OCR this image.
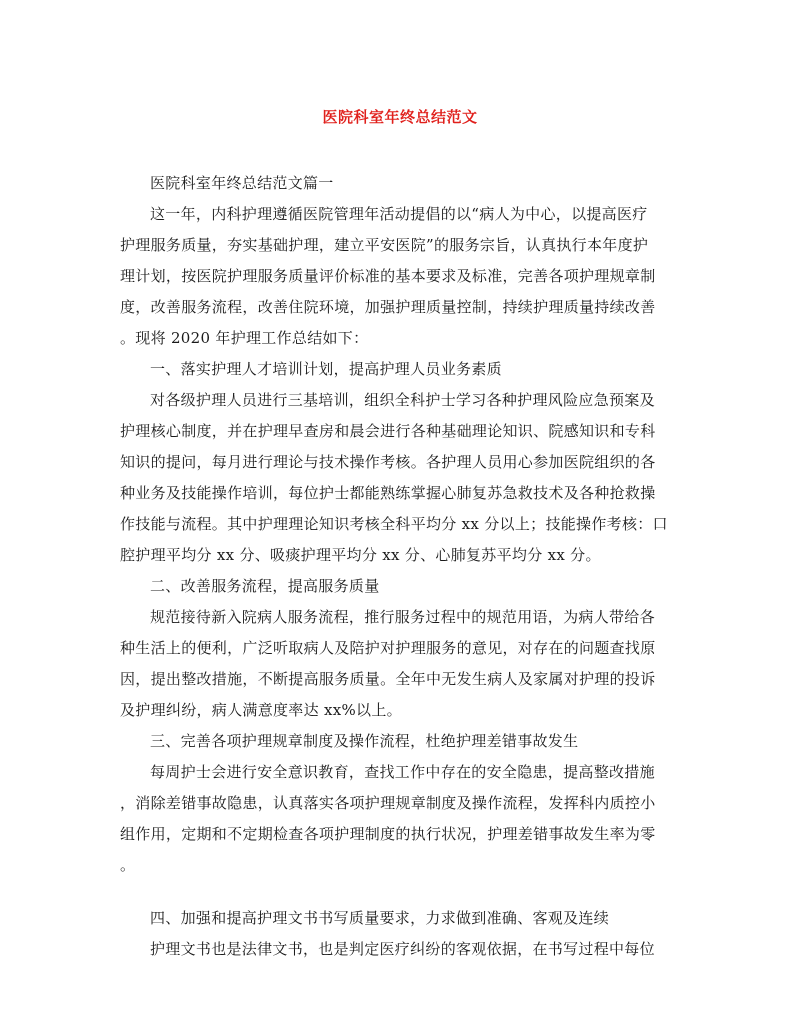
医院科室年终总结范文
医院科室年终总结范文篇一
这一年，内科护理遵循医院管理年活动提倡的以“病人为中心，以提高医疗
护理服务质量，夯实基础护理，建立平安医院”的服务宗旨，认真执行本年度护
理计划，按医院护理服务质量评价标准的基本要求及标准，完善各项护理规章制
度，改善服务流程，改善住院环境，加强护理质量控制，持续护理质量持续改善
。现将 2020 年护理工作总结如下：
一、落实护理人才培训计划，提高护理人员业务素质
对各级护理人员进行三基培训，组织全科护士学习各种护理风险应急预案及
护理核心制度，并在护理早查房和晨会进行各种基础理论知识、院感知识和专科
知识的提问，每月进行理论与技术操作考核。各护理人员用心参加医院组织的各
种业务及技能操作培训，每位护士都能熟练掌握心肺复苏急救技术及各种抢救操
作技能与流程。其中护理理论知识考核全科平均分 xx 分以上；技能操作考核：口
腔护理平均分 xx 分、吸痰护理平均分 xx 分、心肺复苏平均分 xx 分。
二、改善服务流程，提高服务质量
规范接待新入院病人服务流程，推行服务过程中的规范用语，为病人带给各
种生活上的便利，广泛听取病人及陪护对护理服务的意见，对存在的问题查找原
因，提出整改措施，不断提高服务质量。全年中无发生病人及家属对护理的投诉
及护理纠纷，病人满意度率达 xx%以上。
三、完善各项护理规章制度及操作流程，杜绝护理差错事故发生
每周护士会进行安全意识教育，查找工作中存在的安全隐患，提高整改措施
，消除差错事故隐患，认真落实各项护理规章制度及操作流程，发挥科内质控小
组作用，定期和不定期检查各项护理制度的执行状况，护理差错事故发生率为零
。
四、加强和提高护理文书书写质量要求，力求做到准确、客观及连续
护理文书也是法律文书，也是判定医疗纠纷的客观依据，在书写过程中每位
